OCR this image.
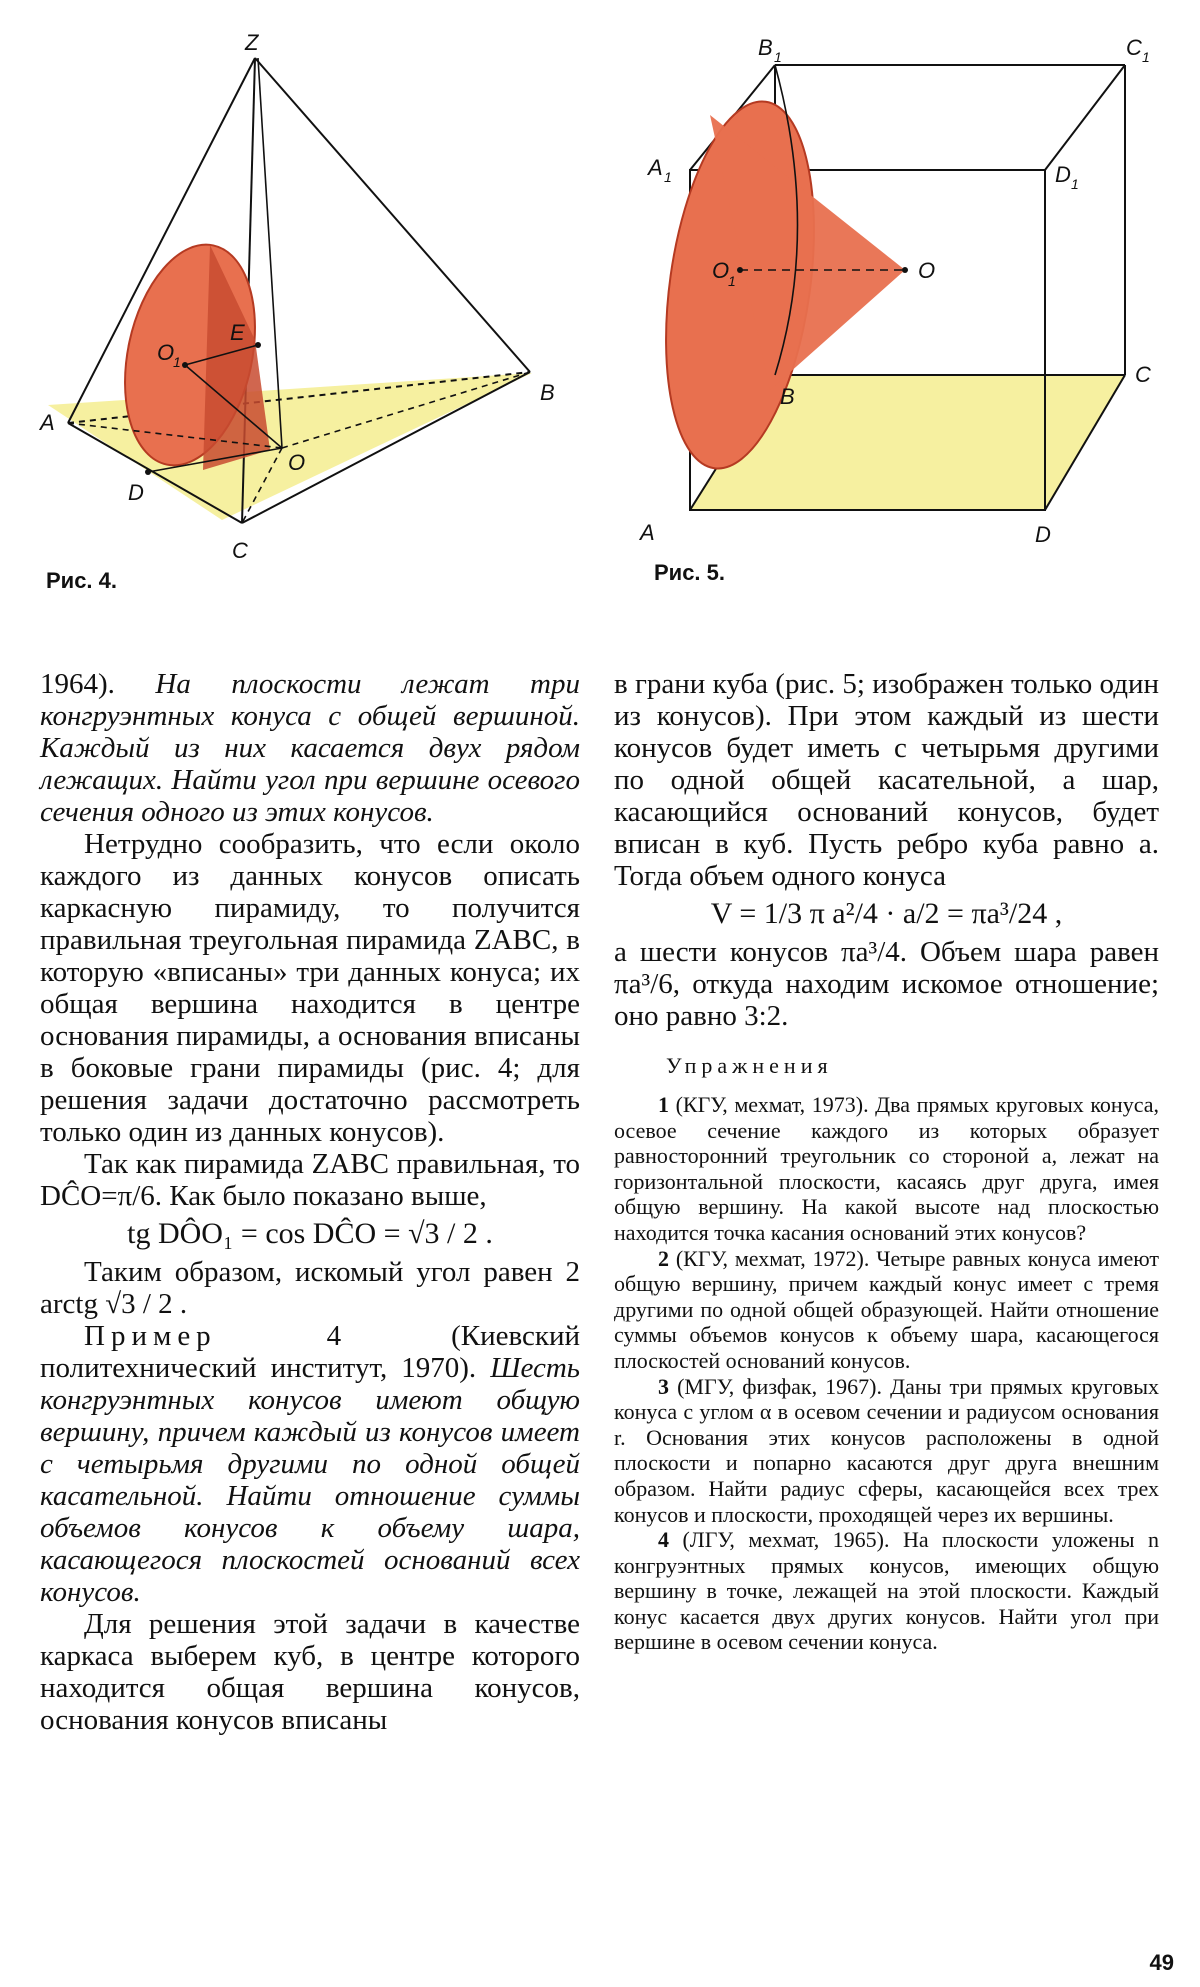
Z
A
B
C
D
E
O
O
1
Рис. 4.
A
B
C
D
O
O
1
A 1
B 1	C 1
D 1
Рис. 5.

1964). На плоскости лежат три конгруэнтных конуса с общей вершиной. Каждый из них касается двух рядом лежащих. Найти угол при вершине осевого сечения одного из этих конусов.

Нетрудно сообразить, что если около каждого из данных конусов описать каркасную пирамиду, то получится правильная треугольная пирамида ZABC, в которую «вписаны» три данных конуса; их общая вершина находится в центре основания пирамиды, а основания вписаны в боковые грани пирамиды (рис. 4; для решения задачи достаточно рассмотреть только один из данных конусов).

Так как пирамида ZABC правильная, то DĈO=π/6. Как было показано выше,

tg DÔO₁ = cos DĈO = √3 / 2 .

Таким образом, искомый угол равен 2 arctg √3 / 2 .

Пример 4	(Киевский политехнический институт, 1970). Шесть конгруэнтных конусов имеют общую вершину, причем каждый из конусов имеет с четырьмя другими по одной общей касательной. Найти отношение суммы объемов конусов к объему шара, касающегося плоскостей оснований всех конусов.

Для решения этой задачи в качестве каркаса выберем куб, в центре которого находится общая вершина конусов, основания конусов вписаны

в грани куба (рис. 5; изображен только один из конусов). При этом каждый из шести конусов будет иметь с четырьмя другими по одной общей касательной, а шар, касающийся оснований конусов, будет вписан в куб. Пусть ребро куба равно a. Тогда объем одного конуса

V = 1/3 π a²/4 · a/2 = πa³/24 ,

а шести конусов πa³/4. Объем шара равен πa³/6, откуда находим искомое отношение; оно равно 3:2.

Упражнения

1 (КГУ, мехмат, 1973). Два прямых круговых конуса, осевое сечение каждого из которых образует равносторонний треугольник со стороной a, лежат на горизонтальной плоскости, касаясь друг друга, имея общую вершину. На какой высоте над плоскостью находится точка касания оснований этих конусов?

2 (КГУ, мехмат, 1972). Четыре равных конуса имеют общую вершину, причем каждый конус имеет с тремя другими по одной общей образующей. Найти отношение суммы объемов конусов к объему шара, касающегося плоскостей оснований конусов.

3 (МГУ, физфак, 1967). Даны три прямых круговых конуса с углом α в осевом сечении и радиусом основания r. Основания этих конусов расположены в одной плоскости и попарно касаются друг друга внешним образом. Найти радиус сферы, касающейся всех трех конусов и плоскости, проходящей через их вершины.

4 (ЛГУ, мехмат, 1965). На плоскости уложены n конгруэнтных прямых конусов, имеющих общую вершину в точке, лежащей на этой плоскости. Каждый конус касается двух других конусов. Найти угол при вершине в осевом сечении конуса.

49
